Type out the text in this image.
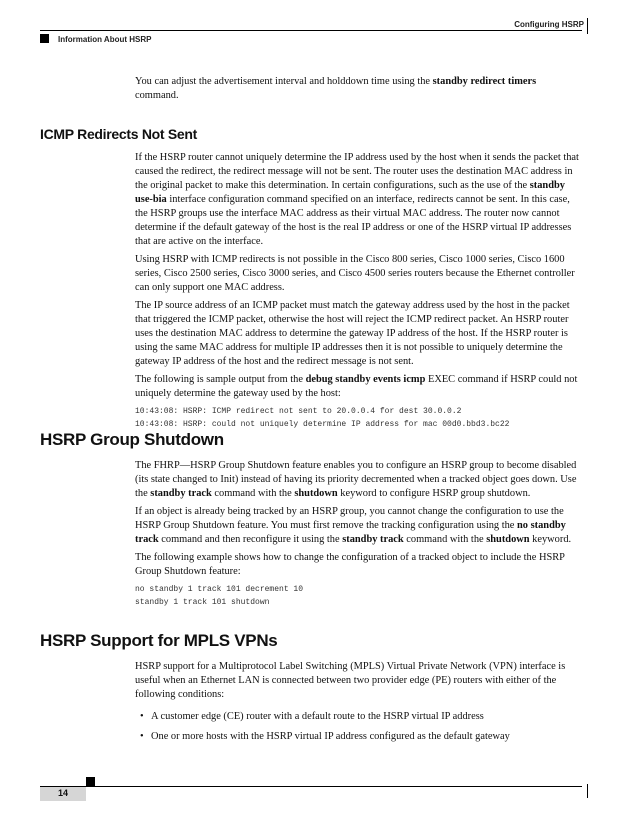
Configuring HSRP
Information About HSRP

You can adjust the advertisement interval and holddown time using the standby redirect timers command.

ICMP Redirects Not Sent

If the HSRP router cannot uniquely determine the IP address used by the host when it sends the packet that caused the redirect, the redirect message will not be sent. The router uses the destination MAC address in the original packet to make this determination. In certain configurations, such as the use of the standby use-bia interface configuration command specified on an interface, redirects cannot be sent. In this case, the HSRP groups use the interface MAC address as their virtual MAC address. The router now cannot determine if the default gateway of the host is the real IP address or one of the HSRP virtual IP addresses that are active on the interface.

Using HSRP with ICMP redirects is not possible in the Cisco 800 series, Cisco 1000 series, Cisco 1600 series, Cisco 2500 series, Cisco 3000 series, and Cisco 4500 series routers because the Ethernet controller can only support one MAC address.

The IP source address of an ICMP packet must match the gateway address used by the host in the packet that triggered the ICMP packet, otherwise the host will reject the ICMP redirect packet. An HSRP router uses the destination MAC address to determine the gateway IP address of the host. If the HSRP router is using the same MAC address for multiple IP addresses then it is not possible to uniquely determine the gateway IP address of the host and the redirect message is not sent.

The following is sample output from the debug standby events icmp EXEC command if HSRP could not uniquely determine the gateway used by the host:

10:43:08: HSRP: ICMP redirect not sent to 20.0.0.4 for dest 30.0.0.2
10:43:08: HSRP: could not uniquely determine IP address for mac 00d0.bbd3.bc22
HSRP Group Shutdown

The FHRP—HSRP Group Shutdown feature enables you to configure an HSRP group to become disabled (its state changed to Init) instead of having its priority decremented when a tracked object goes down. Use the standby track command with the shutdown keyword to configure HSRP group shutdown.

If an object is already being tracked by an HSRP group, you cannot change the configuration to use the HSRP Group Shutdown feature. You must first remove the tracking configuration using the no standby track command and then reconfigure it using the standby track command with the shutdown keyword.

The following example shows how to change the configuration of a tracked object to include the HSRP Group Shutdown feature:

no standby 1 track 101 decrement 10
standby 1 track 101 shutdown
HSRP Support for MPLS VPNs

HSRP support for a Multiprotocol Label Switching (MPLS) Virtual Private Network (VPN) interface is useful when an Ethernet LAN is connected between two provider edge (PE) routers with either of the following conditions:

• A customer edge (CE) router with a default route to the HSRP virtual IP address
• One or more hosts with the HSRP virtual IP address configured as the default gateway
14
